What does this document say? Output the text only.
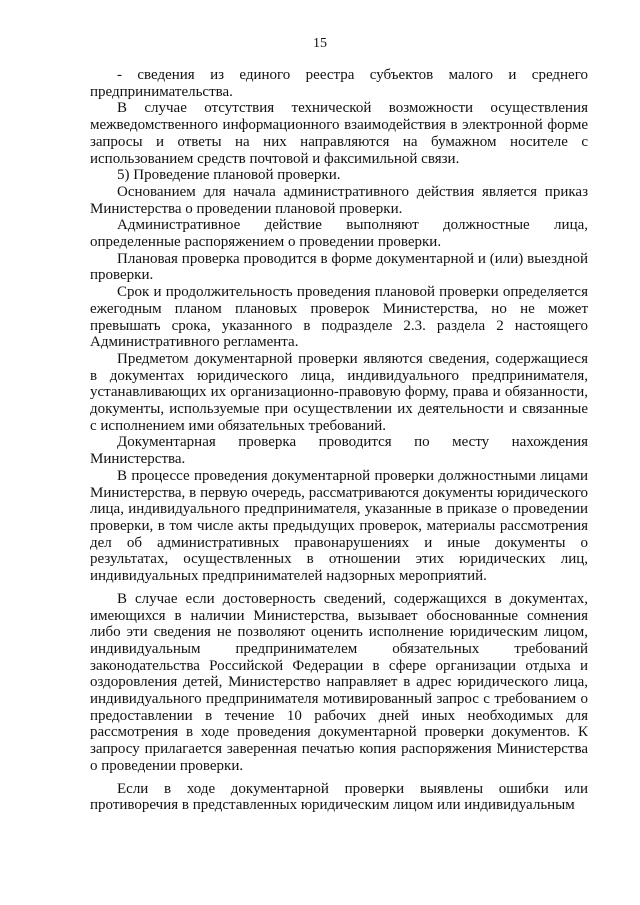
15

- сведения из единого реестра субъектов малого и среднего предпринимательства.

В случае отсутствия технической возможности осуществления межведомственного информационного взаимодействия в электронной форме запросы и ответы на них направляются на бумажном носителе с использованием средств почтовой и факсимильной связи.

5) Проведение плановой проверки.

Основанием для начала административного действия является приказ Министерства о проведении плановой проверки.

Административное действие выполняют должностные лица, определенные распоряжением о проведении проверки.

Плановая проверка проводится в форме документарной и (или) выездной проверки.

Срок и продолжительность проведения плановой проверки определяется ежегодным планом плановых проверок Министерства, но не может превышать срока, указанного в подразделе 2.3. раздела 2 настоящего Административного регламента.

Предметом документарной проверки являются сведения, содержащиеся в документах юридического лица, индивидуального предпринимателя, устанавливающих их организационно-правовую форму, права и обязанности, документы, используемые при осуществлении их деятельности и связанные с исполнением ими обязательных требований.

Документарная проверка проводится по месту нахождения Министерства.

В процессе проведения документарной проверки должностными лицами Министерства, в первую очередь, рассматриваются документы юридического лица, индивидуального предпринимателя, указанные в приказе о проведении проверки, в том числе акты предыдущих проверок, материалы рассмотрения дел об административных правонарушениях и иные документы о результатах, осуществленных в отношении этих юридических лиц, индивидуальных предпринимателей надзорных мероприятий.

В случае если достоверность сведений, содержащихся в документах, имеющихся в наличии Министерства, вызывает обоснованные сомнения либо эти сведения не позволяют оценить исполнение юридическим лицом, индивидуальным предпринимателем обязательных требований законодательства Российской Федерации в сфере организации отдыха и оздоровления детей, Министерство направляет в адрес юридического лица, индивидуального предпринимателя мотивированный запрос с требованием о предоставлении в течение 10 рабочих дней иных необходимых для рассмотрения в ходе проведения документарной проверки документов. К запросу прилагается заверенная печатью копия распоряжения Министерства о проведении проверки.

Если в ходе документарной проверки выявлены ошибки или противоречия в представленных юридическим лицом или индивидуальным
